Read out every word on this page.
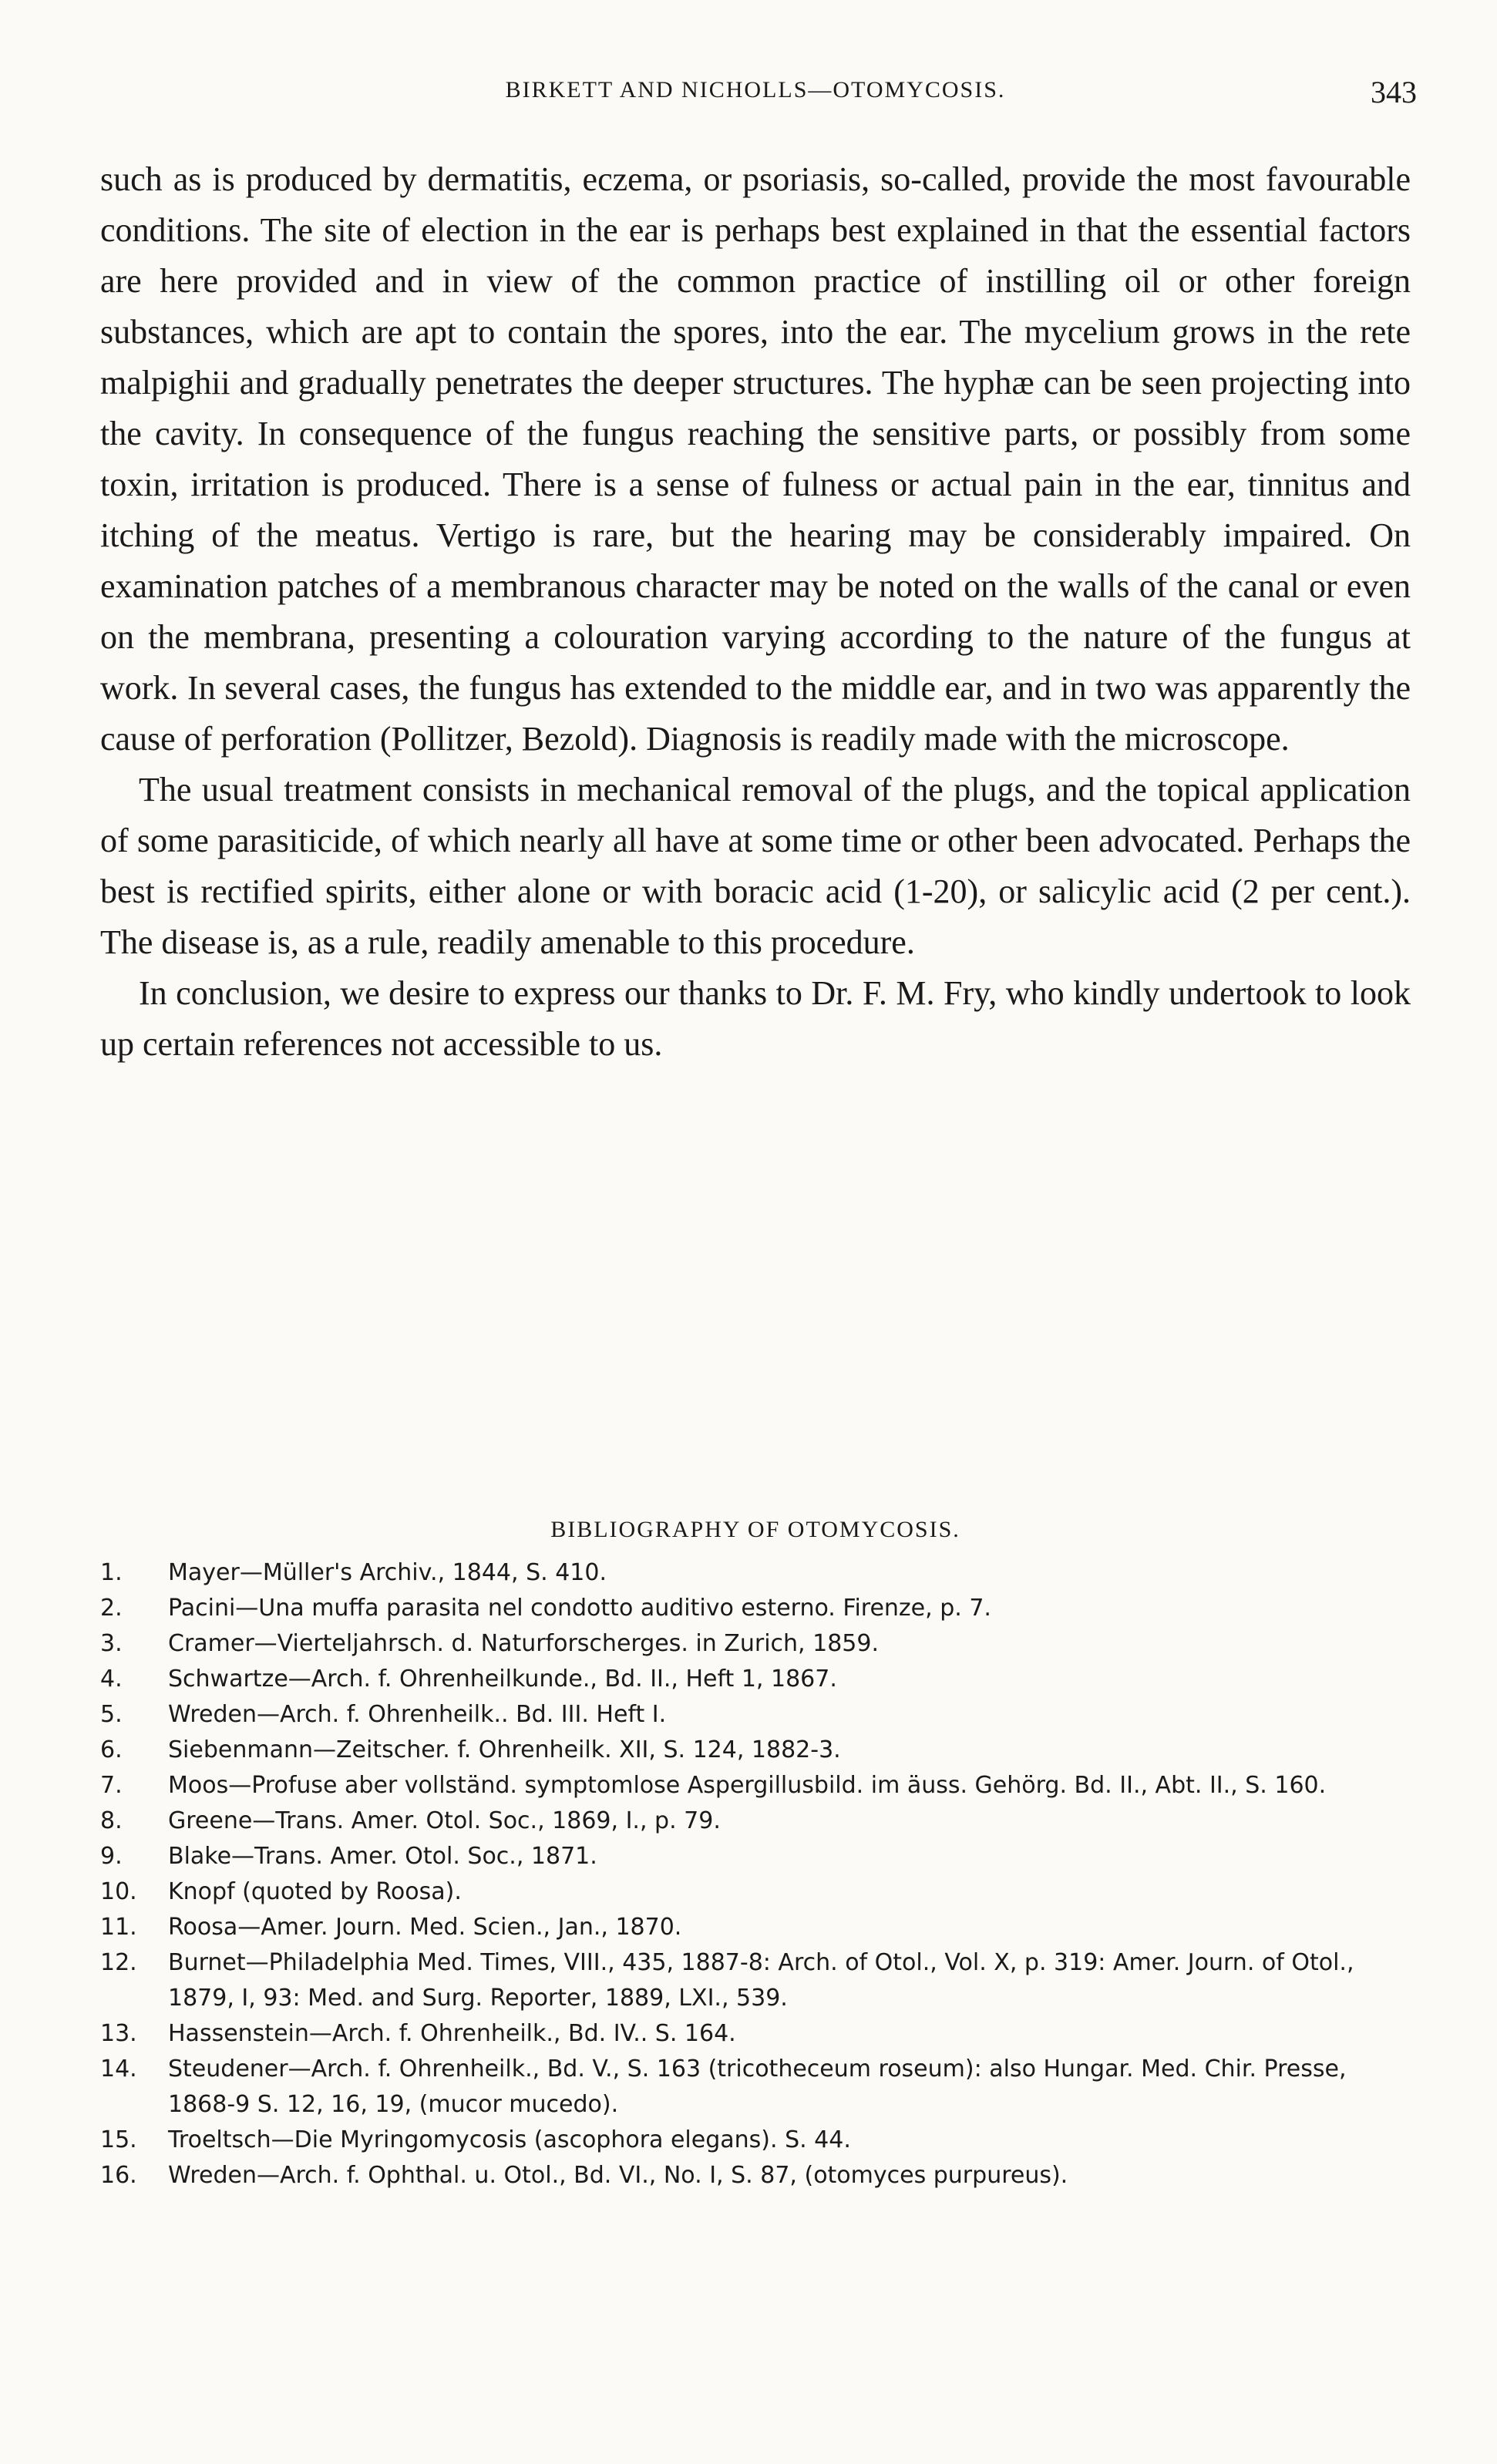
BIRKETT AND NICHOLLS—OTOMYCOSIS.	343

such as is produced by dermatitis, eczema, or psoriasis, so-called, provide the most favourable conditions. The site of election in the ear is perhaps best explained in that the essential factors are here provided and in view of the common practice of instilling oil or other foreign substances, which are apt to contain the spores, into the ear. The mycelium grows in the rete malpighii and gradually penetrates the deeper structures. The hyphæ can be seen projecting into the cavity. In consequence of the fungus reaching the sensitive parts, or possibly from some toxin, irritation is produced. There is a sense of fulness or actual pain in the ear, tinnitus and itching of the meatus. Vertigo is rare, but the hearing may be considerably impaired. On examination patches of a membranous character may be noted on the walls of the canal or even on the membrana, presenting a colouration varying according to the nature of the fungus at work. In several cases, the fungus has extended to the middle ear, and in two was apparently the cause of perforation (Pollitzer, Bezold). Diagnosis is readily made with the microscope.

The usual treatment consists in mechanical removal of the plugs, and the topical application of some parasiticide, of which nearly all have at some time or other been advocated. Perhaps the best is rectified spirits, either alone or with boracic acid (1-20), or salicylic acid (2 per cent.). The disease is, as a rule, readily amenable to this procedure.

In conclusion, we desire to express our thanks to Dr. F. M. Fry, who kindly undertook to look up certain references not accessible to us.

BIBLIOGRAPHY OF OTOMYCOSIS.
1.	Mayer—Müller's Archiv., 1844, S. 410.
2.	Pacini—Una muffa parasita nel condotto auditivo esterno. Firenze, p. 7.
3.	Cramer—Vierteljahrsch. d. Naturforscherges. in Zurich, 1859.
4.	Schwartze—Arch. f. Ohrenheilkunde., Bd. II., Heft 1, 1867.
5.	Wreden—Arch. f. Ohrenheilk.. Bd. III. Heft I.
6.	Siebenmann—Zeitscher. f. Ohrenheilk. XII, S. 124, 1882-3.
7.	Moos—Profuse aber vollständ. symptomlose Aspergillusbild. im äuss. Gehörg. Bd. II., Abt. II., S. 160.
8.	Greene—Trans. Amer. Otol. Soc., 1869, I., p. 79.
9.	Blake—Trans. Amer. Otol. Soc., 1871.
10.	Knopf (quoted by Roosa).
11.	Roosa—Amer. Journ. Med. Scien., Jan., 1870.
12.	Burnet—Philadelphia Med. Times, VIII., 435, 1887-8: Arch. of Otol., Vol. X, p. 319: Amer. Journ. of Otol., 1879, I, 93: Med. and Surg. Reporter, 1889, LXI., 539.
13.	Hassenstein—Arch. f. Ohrenheilk., Bd. IV.. S. 164.
14.	Steudener—Arch. f. Ohrenheilk., Bd. V., S. 163 (tricotheceum roseum): also Hungar. Med. Chir. Presse, 1868-9 S. 12, 16, 19, (mucor mucedo).
15.	Troeltsch—Die Myringomycosis (ascophora elegans). S. 44.
16.	Wreden—Arch. f. Ophthal. u. Otol., Bd. VI., No. I, S. 87, (otomyces purpureus).
